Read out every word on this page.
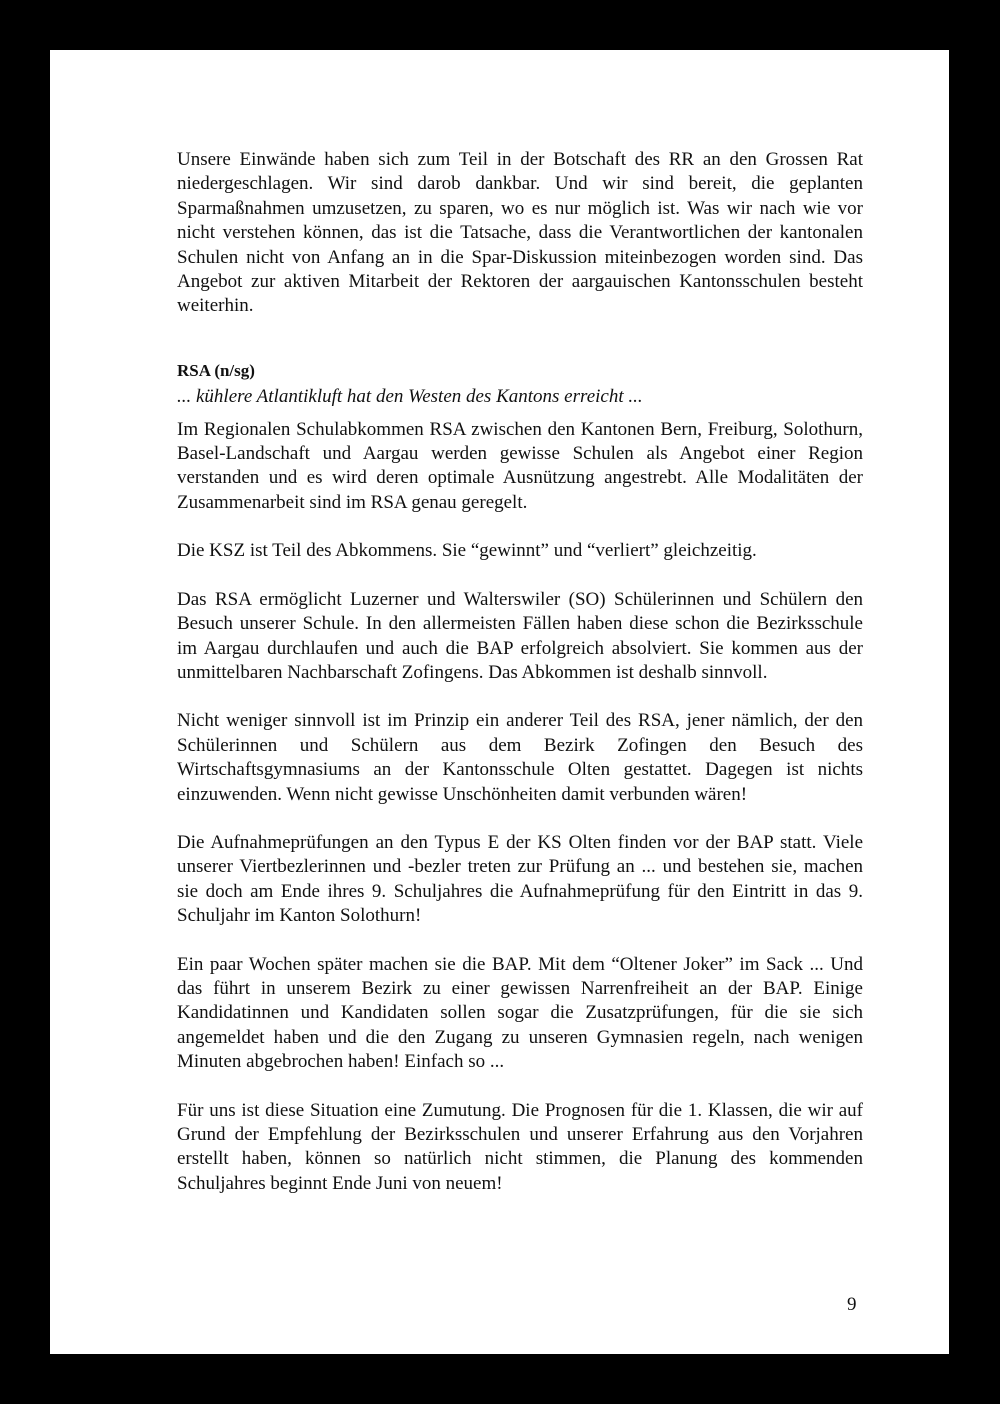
Unsere Einwände haben sich zum Teil in der Botschaft des RR an den Grossen Rat niedergeschlagen. Wir sind darob dankbar. Und wir sind bereit, die geplanten Sparmaßnahmen umzusetzen, zu sparen, wo es nur möglich ist. Was wir nach wie vor nicht verstehen können, das ist die Tatsache, dass die Verantwortlichen der kantonalen Schulen nicht von Anfang an in die Spar-Diskussion miteinbezogen worden sind. Das Angebot zur aktiven Mitarbeit der Rektoren der aargauischen Kantonsschulen besteht weiterhin.

RSA (n/sg)
... kühlere Atlantikluft hat den Westen des Kantons erreicht ...

Im Regionalen Schulabkommen RSA zwischen den Kantonen Bern, Freiburg, Solothurn, Basel-Landschaft und Aargau werden gewisse Schulen als Angebot einer Region verstanden und es wird deren optimale Ausnützung angestrebt. Alle Modalitäten der Zusammenarbeit sind im RSA genau geregelt.

Die KSZ ist Teil des Abkommens. Sie “gewinnt” und “verliert” gleichzeitig.

Das RSA ermöglicht Luzerner und Walterswiler (SO) Schülerinnen und Schülern den Besuch unserer Schule. In den allermeisten Fällen haben diese schon die Bezirksschule im Aargau durchlaufen und auch die BAP erfolgreich absolviert. Sie kommen aus der unmittelbaren Nachbarschaft Zofingens. Das Abkommen ist deshalb sinnvoll.

Nicht weniger sinnvoll ist im Prinzip ein anderer Teil des RSA, jener nämlich, der den Schülerinnen und Schülern aus dem Bezirk Zofingen den Besuch des Wirtschaftsgymnasiums an der Kantonsschule Olten gestattet. Dagegen ist nichts einzuwenden. Wenn nicht gewisse Unschönheiten damit verbunden wären!

Die Aufnahmeprüfungen an den Typus E der KS Olten finden vor der BAP statt. Viele unserer Viertbezlerinnen und -bezler treten zur Prüfung an ... und bestehen sie, machen sie doch am Ende ihres 9. Schuljahres die Aufnahmeprüfung für den Eintritt in das 9. Schuljahr im Kanton Solothurn!

Ein paar Wochen später machen sie die BAP. Mit dem “Oltener Joker” im Sack ... Und das führt in unserem Bezirk zu einer gewissen Narrenfreiheit an der BAP. Einige Kandidatinnen und Kandidaten sollen sogar die Zusatzprüfungen, für die sie sich angemeldet haben und die den Zugang zu unseren Gymnasien regeln, nach wenigen Minuten abgebrochen haben! Einfach so ...

Für uns ist diese Situation eine Zumutung. Die Prognosen für die 1. Klassen, die wir auf Grund der Empfehlung der Bezirksschulen und unserer Erfahrung aus den Vorjahren erstellt haben, können so natürlich nicht stimmen, die Planung des kommenden Schuljahres beginnt Ende Juni von neuem!

9
